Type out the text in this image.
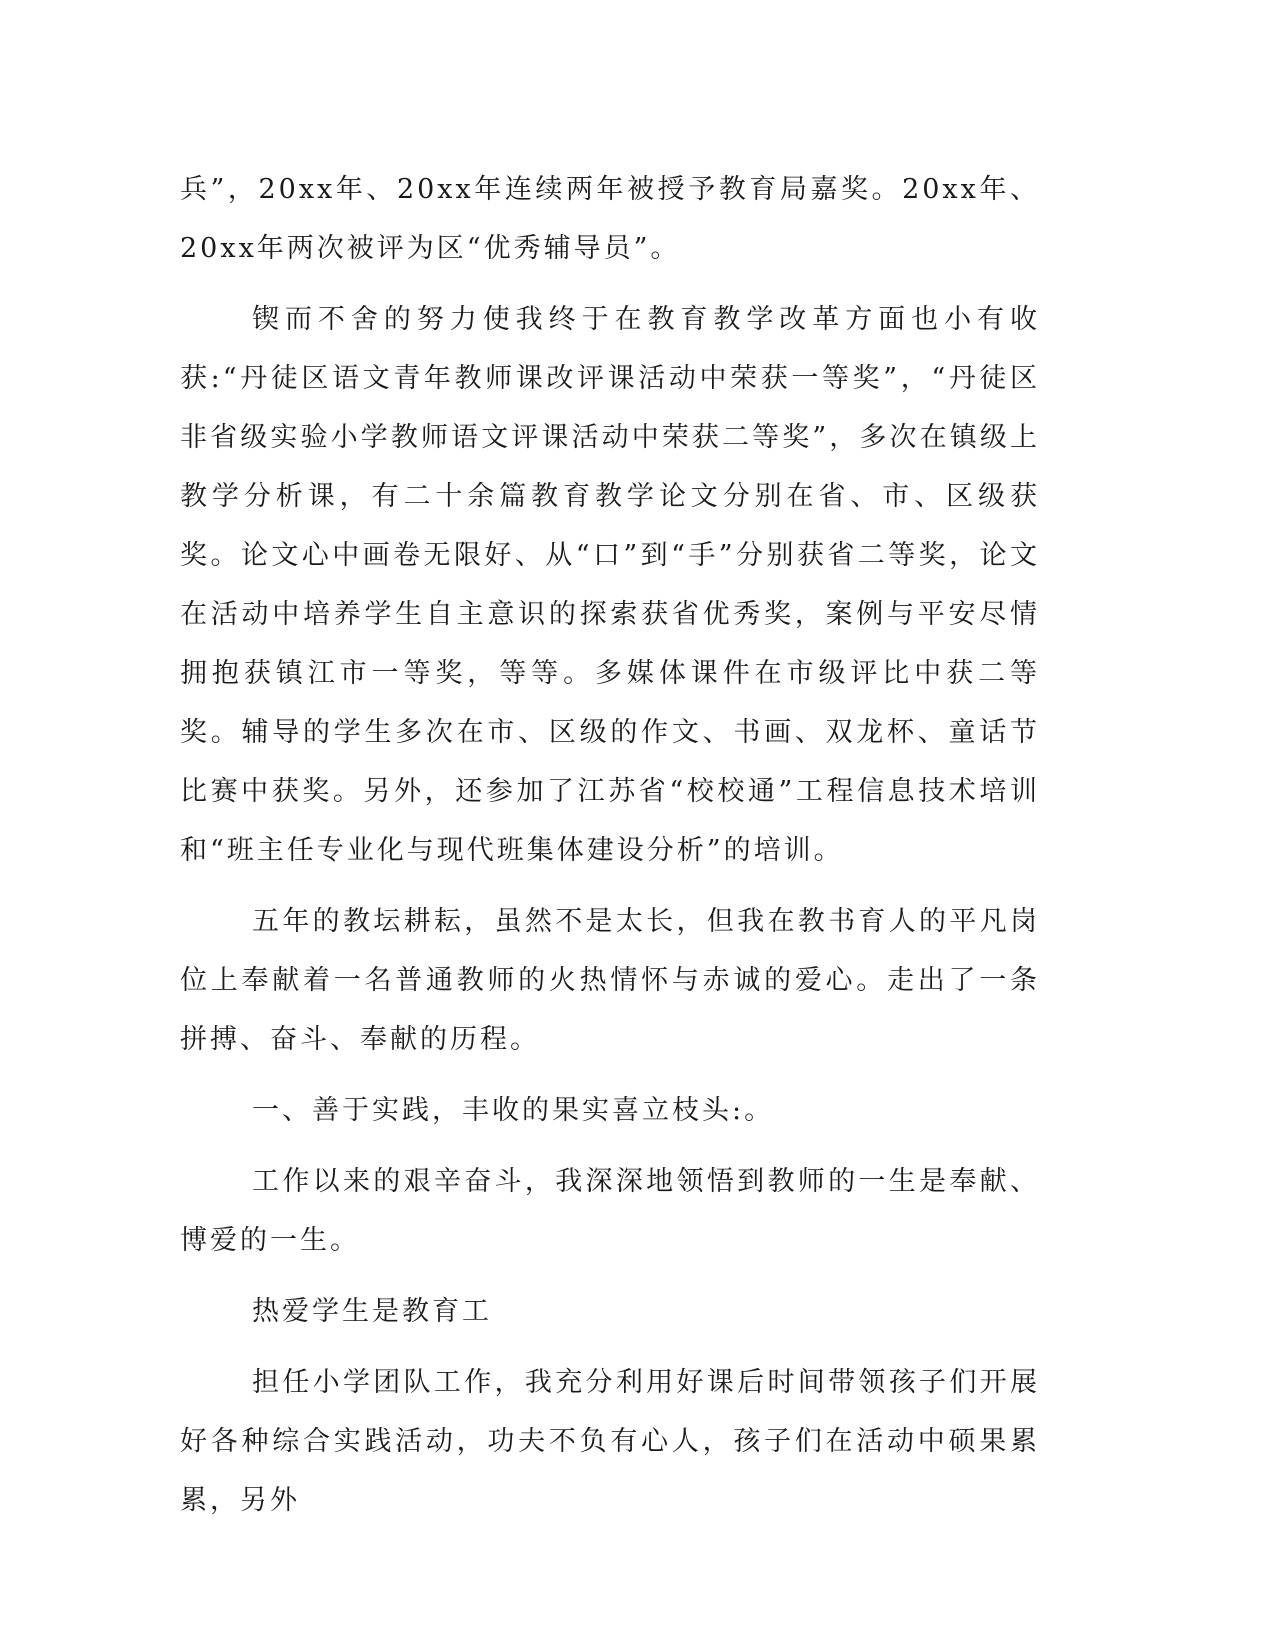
兵”，20xx年、20xx年连续两年被授予教育局嘉奖。20xx年、20xx年两次被评为区“优秀辅导员”。

锲而不舍的努力使我终于在教育教学改革方面也小有收获:“丹徒区语文青年教师课改评课活动中荣获一等奖”，“丹徒区非省级实验小学教师语文评课活动中荣获二等奖”，多次在镇级上教学分析课，有二十余篇教育教学论文分别在省、市、区级获奖。论文心中画卷无限好、从“口”到“手”分别获省二等奖，论文在活动中培养学生自主意识的探索获省优秀奖，案例与平安尽情拥抱获镇江市一等奖，等等。多媒体课件在市级评比中获二等奖。辅导的学生多次在市、区级的作文、书画、双龙杯、童话节比赛中获奖。另外，还参加了江苏省“校校通”工程信息技术培训和“班主任专业化与现代班集体建设分析”的培训。

五年的教坛耕耘，虽然不是太长，但我在教书育人的平凡岗位上奉献着一名普通教师的火热情怀与赤诚的爱心。走出了一条拼搏、奋斗、奉献的历程。

一、善于实践，丰收的果实喜立枝头:。

工作以来的艰辛奋斗，我深深地领悟到教师的一生是奉献、博爱的一生。

热爱学生是教育工

担任小学团队工作，我充分利用好课后时间带领孩子们开展好各种综合实践活动，功夫不负有心人，孩子们在活动中硕果累累，另外
